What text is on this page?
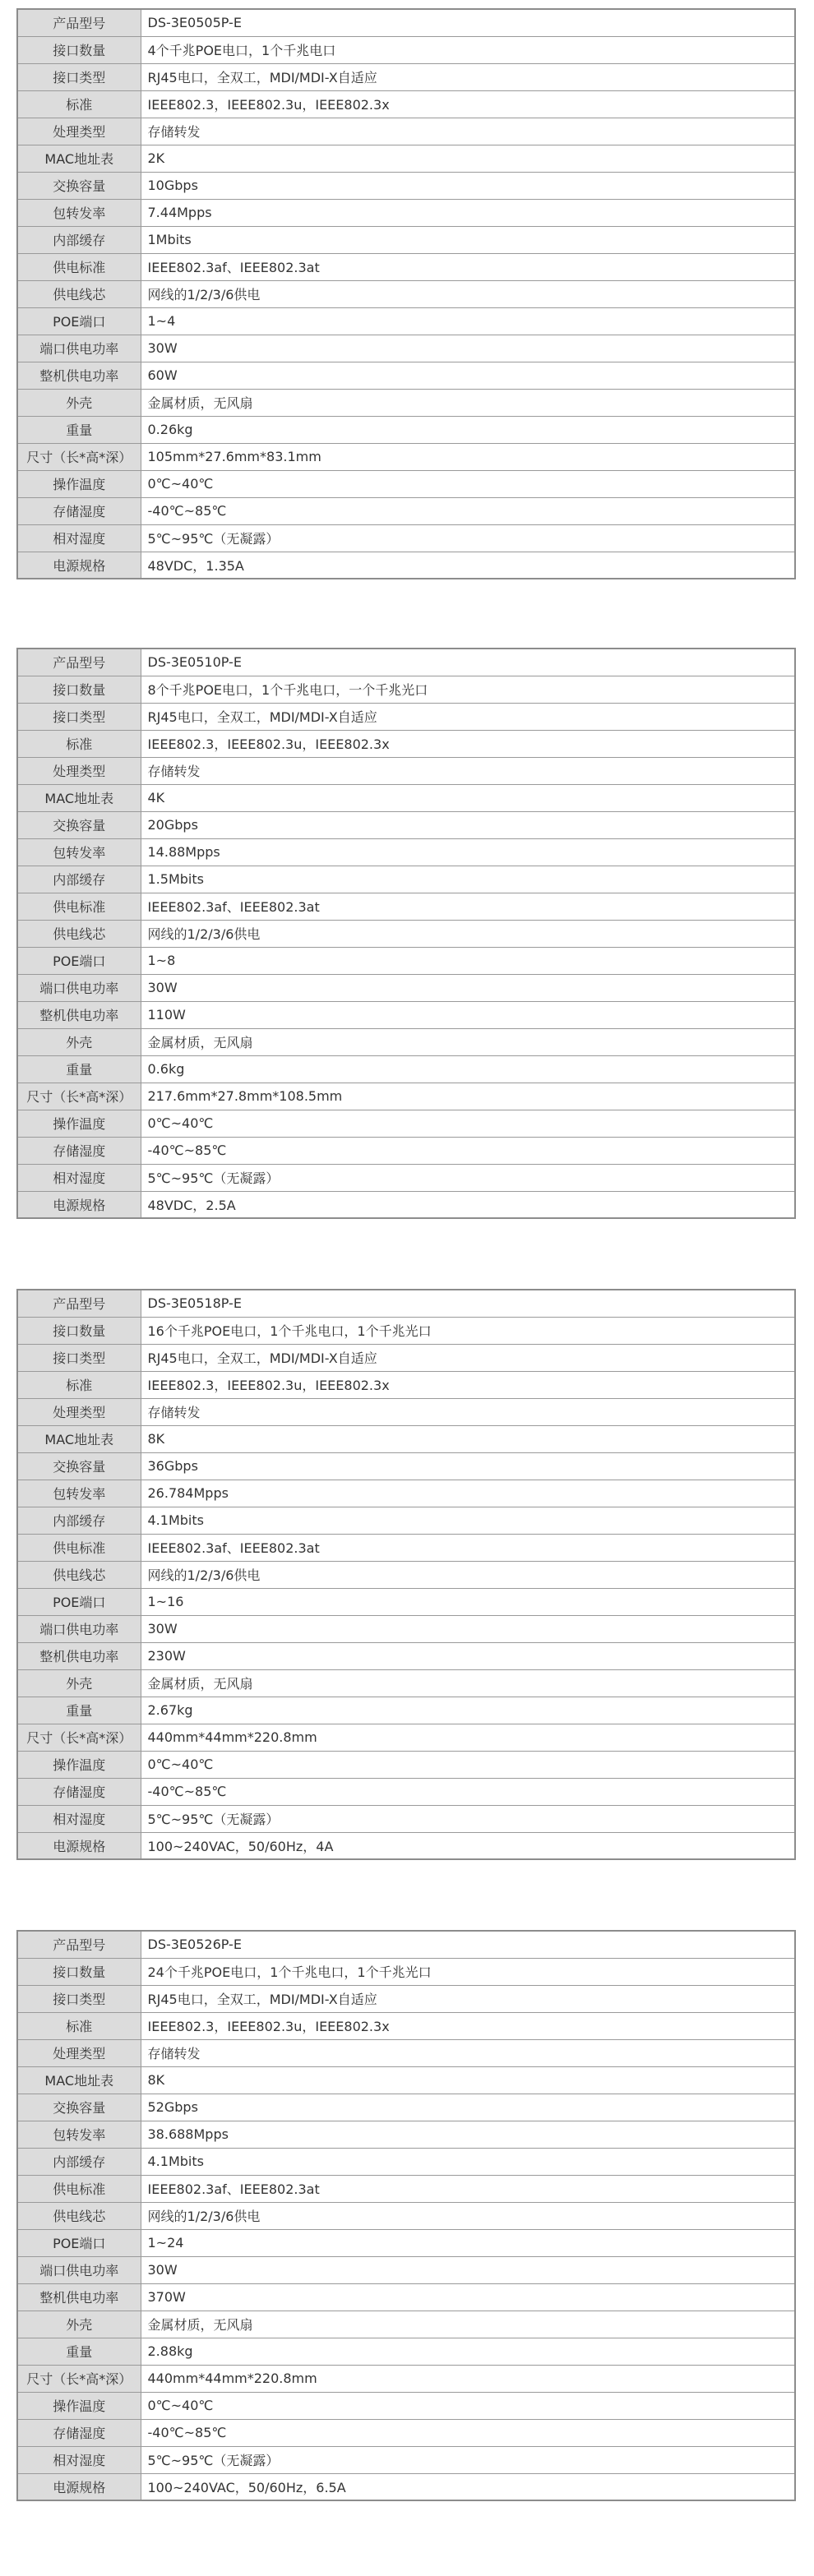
产品型号	DS-3E0505P-E
接口数量	4个千兆POE电口，1个千兆电口
接口类型	RJ45电口，全双工，MDI/MDI-X自适应
标准	IEEE802.3，IEEE802.3u，IEEE802.3x
处理类型	存储转发
MAC地址表	2K
交换容量	10Gbps
包转发率	7.44Mpps
内部缓存	1Mbits
供电标准	IEEE802.3af、IEEE802.3at
供电线芯	网线的1/2/3/6供电
POE端口	1~4
端口供电功率	30W
整机供电功率	60W
外壳	金属材质，无风扇
重量	0.26kg
尺寸（长*高*深）	105mm*27.6mm*83.1mm
操作温度	0℃~40℃
存储湿度	-40℃~85℃
相对湿度	5℃~95℃（无凝露）
电源规格	48VDC，1.35A
产品型号	DS-3E0510P-E
接口数量	8个千兆POE电口，1个千兆电口，一个千兆光口
接口类型	RJ45电口，全双工，MDI/MDI-X自适应
标准	IEEE802.3，IEEE802.3u，IEEE802.3x
处理类型	存储转发
MAC地址表	4K
交换容量	20Gbps
包转发率	14.88Mpps
内部缓存	1.5Mbits
供电标准	IEEE802.3af、IEEE802.3at
供电线芯	网线的1/2/3/6供电
POE端口	1~8
端口供电功率	30W
整机供电功率	110W
外壳	金属材质，无风扇
重量	0.6kg
尺寸（长*高*深）	217.6mm*27.8mm*108.5mm
操作温度	0℃~40℃
存储湿度	-40℃~85℃
相对湿度	5℃~95℃（无凝露）
电源规格	48VDC，2.5A
产品型号	DS-3E0518P-E
接口数量	16个千兆POE电口，1个千兆电口，1个千兆光口
接口类型	RJ45电口，全双工，MDI/MDI-X自适应
标准	IEEE802.3，IEEE802.3u，IEEE802.3x
处理类型	存储转发
MAC地址表	8K
交换容量	36Gbps
包转发率	26.784Mpps
内部缓存	4.1Mbits
供电标准	IEEE802.3af、IEEE802.3at
供电线芯	网线的1/2/3/6供电
POE端口	1~16
端口供电功率	30W
整机供电功率	230W
外壳	金属材质，无风扇
重量	2.67kg
尺寸（长*高*深）	440mm*44mm*220.8mm
操作温度	0℃~40℃
存储湿度	-40℃~85℃
相对湿度	5℃~95℃（无凝露）
电源规格	100~240VAC，50/60Hz，4A
产品型号	DS-3E0526P-E
接口数量	24个千兆POE电口，1个千兆电口，1个千兆光口
接口类型	RJ45电口，全双工，MDI/MDI-X自适应
标准	IEEE802.3，IEEE802.3u，IEEE802.3x
处理类型	存储转发
MAC地址表	8K
交换容量	52Gbps
包转发率	38.688Mpps
内部缓存	4.1Mbits
供电标准	IEEE802.3af、IEEE802.3at
供电线芯	网线的1/2/3/6供电
POE端口	1~24
端口供电功率	30W
整机供电功率	370W
外壳	金属材质，无风扇
重量	2.88kg
尺寸（长*高*深）	440mm*44mm*220.8mm
操作温度	0℃~40℃
存储湿度	-40℃~85℃
相对湿度	5℃~95℃（无凝露）
电源规格	100~240VAC，50/60Hz，6.5A
